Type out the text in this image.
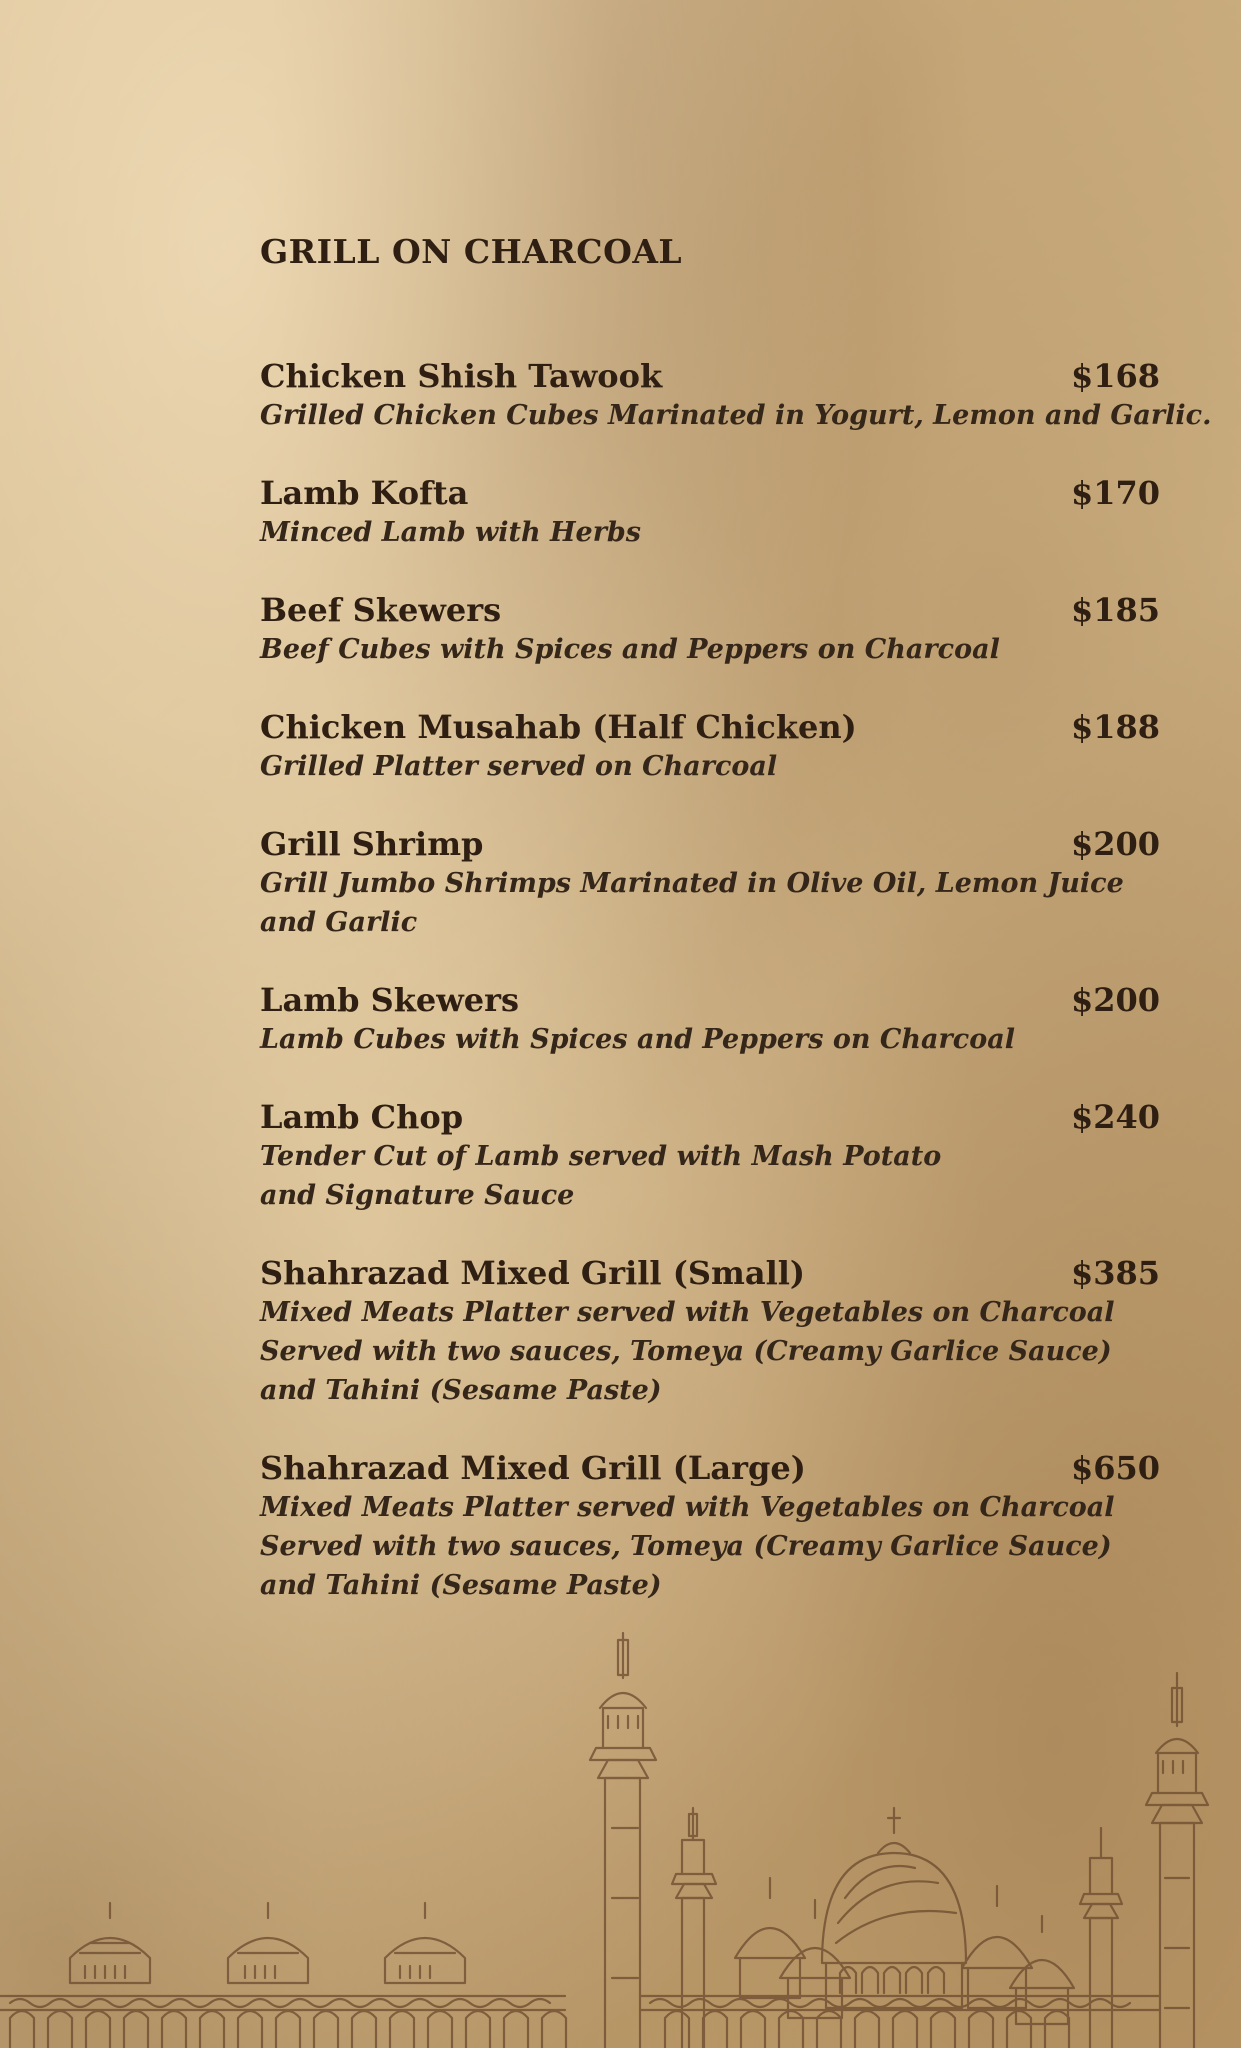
GRILL ON CHARCOAL
Chicken Shish Tawook	$168
Grilled Chicken Cubes Marinated in Yogurt, Lemon and Garlic.
Lamb Kofta	$170
Minced Lamb with Herbs
Beef Skewers	$185
Beef Cubes with Spices and Peppers on Charcoal
Chicken Musahab (Half Chicken)	$188
Grilled Platter served on Charcoal
Grill Shrimp	$200
Grill Jumbo Shrimps Marinated in Olive Oil, Lemon Juice
and Garlic
Lamb Skewers	$200
Lamb Cubes with Spices and Peppers on Charcoal
Lamb Chop	$240
Tender Cut of Lamb served with Mash Potato
and Signature Sauce
Shahrazad Mixed Grill (Small)	$385
Mixed Meats Platter served with Vegetables on Charcoal
Served with two sauces, Tomeya (Creamy Garlice Sauce)
and Tahini (Sesame Paste)
Shahrazad Mixed Grill (Large)	$650
Mixed Meats Platter served with Vegetables on Charcoal
Served with two sauces, Tomeya (Creamy Garlice Sauce)
and Tahini (Sesame Paste)
